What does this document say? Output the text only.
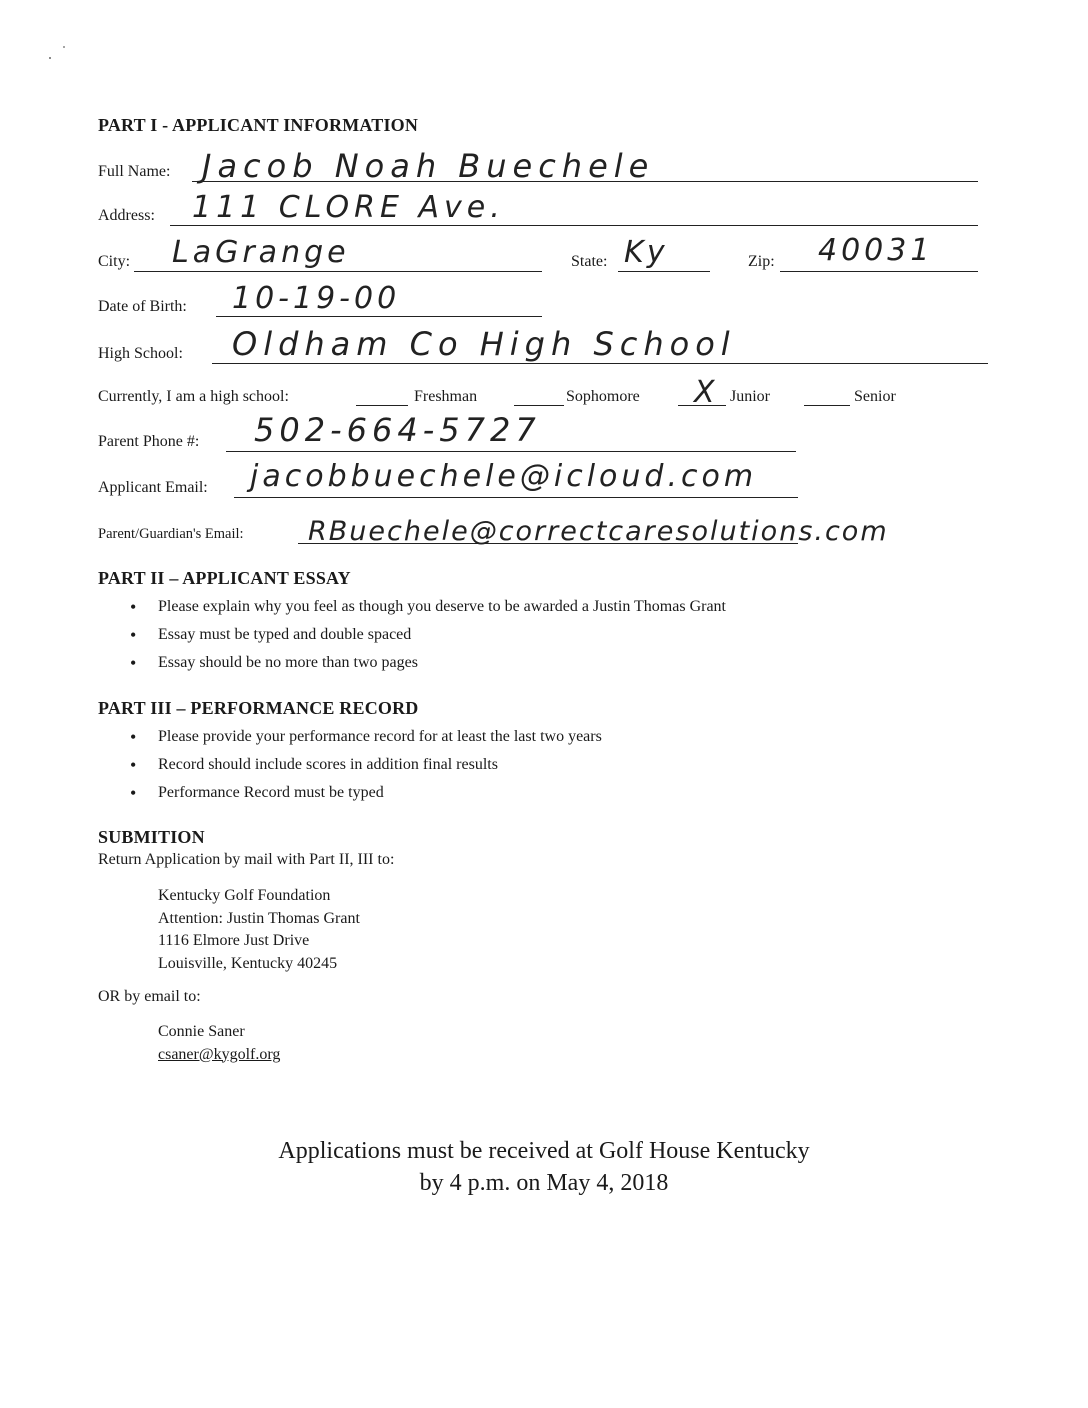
PART I - APPLICANT INFORMATION
Full Name: Jacob Noah Buechele
Address: 111 CLORE Ave.
City: LaGrange	State: Ky	Zip: 40031
Date of Birth: 10-19-00
High School: Oldham Co High School
Currently, I am a high school:	Freshman	Sophomore X Junior	Senior
Parent Phone #: 502-664-5727
Applicant Email: jacobbuechele@icloud.com
Parent/Guardian's Email: RBuechele@correctcaresolutions.com
PART II – APPLICANT ESSAY
• Please explain why you feel as though you deserve to be awarded a Justin Thomas Grant
• Essay must be typed and double spaced
• Essay should be no more than two pages
PART III – PERFORMANCE RECORD
• Please provide your performance record for at least the last two years
• Record should include scores in addition final results
• Performance Record must be typed
SUBMITION
Return Application by mail with Part II, III to:
Kentucky Golf Foundation
Attention: Justin Thomas Grant
1116 Elmore Just Drive
Louisville, Kentucky 40245
OR by email to:
Connie Saner
csaner@kygolf.org
Applications must be received at Golf House Kentucky
by 4 p.m. on May 4, 2018
